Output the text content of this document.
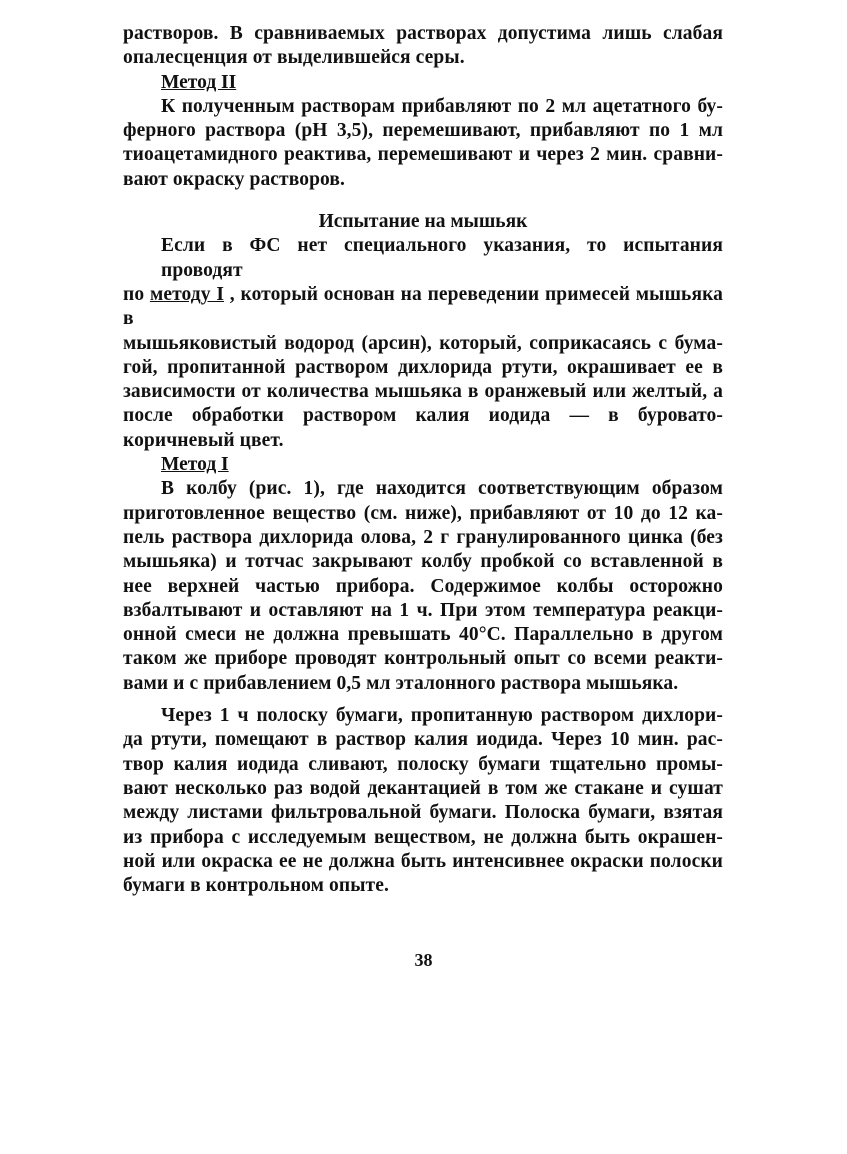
растворов. В сравниваемых растворах допустима лишь слабая
опалесценция от выделившейся серы.

Метод II

К полученным растворам прибавляют по 2 мл ацетатного бу-
ферного раствора (рН 3,5), перемешивают, прибавляют по 1 мл
тиоацетамидного реактива, перемешивают и через 2 мин. сравни-
вают окраску растворов.

Испытание на мышьяк

Если в ФС нет специального указания, то испытания проводят
по методу I , который основан на переведении примесей мышьяка в
мышьяковистый водород (арсин), который, соприкасаясь с бума-
гой, пропитанной раствором дихлорида ртути, окрашивает ее в
зависимости от количества мышьяка в оранжевый или желтый, а
после обработки раствором калия иодида — в буровато-
коричневый цвет.

Метод I

В колбу (рис. 1), где находится соответствующим образом
приготовленное вещество (см. ниже), прибавляют от 10 до 12 ка-
пель раствора дихлорида олова, 2 г гранулированного цинка (без
мышьяка) и тотчас закрывают колбу пробкой со вставленной в
нее верхней частью прибора. Содержимое колбы осторожно
взбалтывают и оставляют на 1 ч. При этом температура реакци-
онной смеси не должна превышать 40°С. Параллельно в другом
таком же приборе проводят контрольный опыт со всеми реакти-
вами и с прибавлением 0,5 мл эталонного раствора мышьяка.

Через 1 ч полоску бумаги, пропитанную раствором дихлори-
да ртути, помещают в раствор калия иодида. Через 10 мин. рас-
твор калия иодида сливают, полоску бумаги тщательно промы-
вают несколько раз водой декантацией в том же стакане и сушат
между листами фильтровальной бумаги. Полоска бумаги, взятая
из прибора с исследуемым веществом, не должна быть окрашен-
ной или окраска ее не должна быть интенсивнее окраски полоски
бумаги в контрольном опыте.

38
